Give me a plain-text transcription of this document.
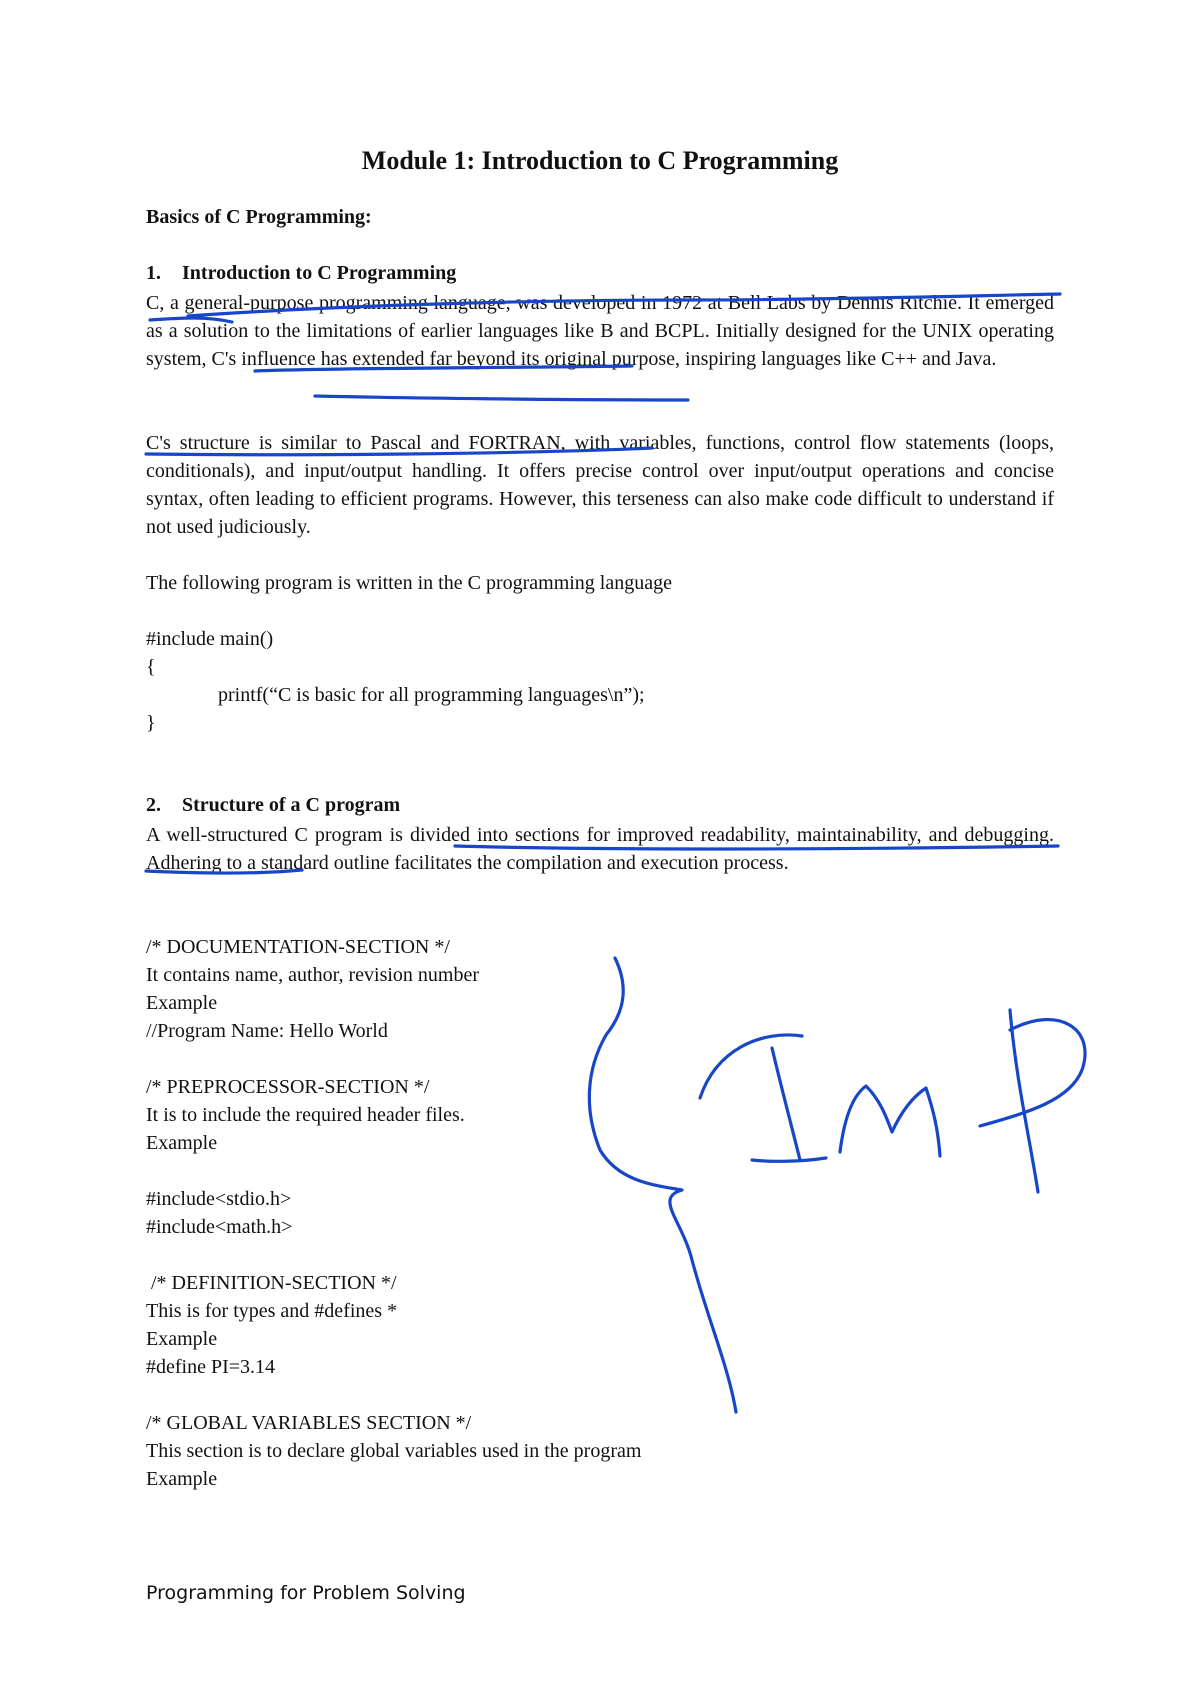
Module 1: Introduction to C Programming

Basics of C Programming:

1. Introduction to C Programming

C, a general-purpose programming language, was developed in 1972 at Bell Labs by Dennis Ritchie. It emerged as a solution to the limitations of earlier languages like B and BCPL. Initially designed for the UNIX operating system, C's influence has extended far beyond its original purpose, inspiring languages like C++ and Java.

C's structure is similar to Pascal and FORTRAN, with variables, functions, control flow statements (loops, conditionals), and input/output handling. It offers precise control over input/output operations and concise syntax, often leading to efficient programs. However, this terseness can also make code difficult to understand if not used judiciously.

The following program is written in the C programming language

#include main()

{

printf(“C is basic for all programming languages\n”);

}

2. Structure of a C program

A well-structured C program is divided into sections for improved readability, maintainability, and debugging. Adhering to a standard outline facilitates the compilation and execution process.

/* DOCUMENTATION-SECTION */

It contains name, author, revision number

Example

//Program Name: Hello World

/* PREPROCESSOR-SECTION */

It is to include the required header files.

Example

#include<stdio.h>

#include<math.h>

/* DEFINITION-SECTION */

This is for types and #defines *

Example

#define PI=3.14

/* GLOBAL VARIABLES SECTION */

This section is to declare global variables used in the program

Example

Programming for Problem Solving
